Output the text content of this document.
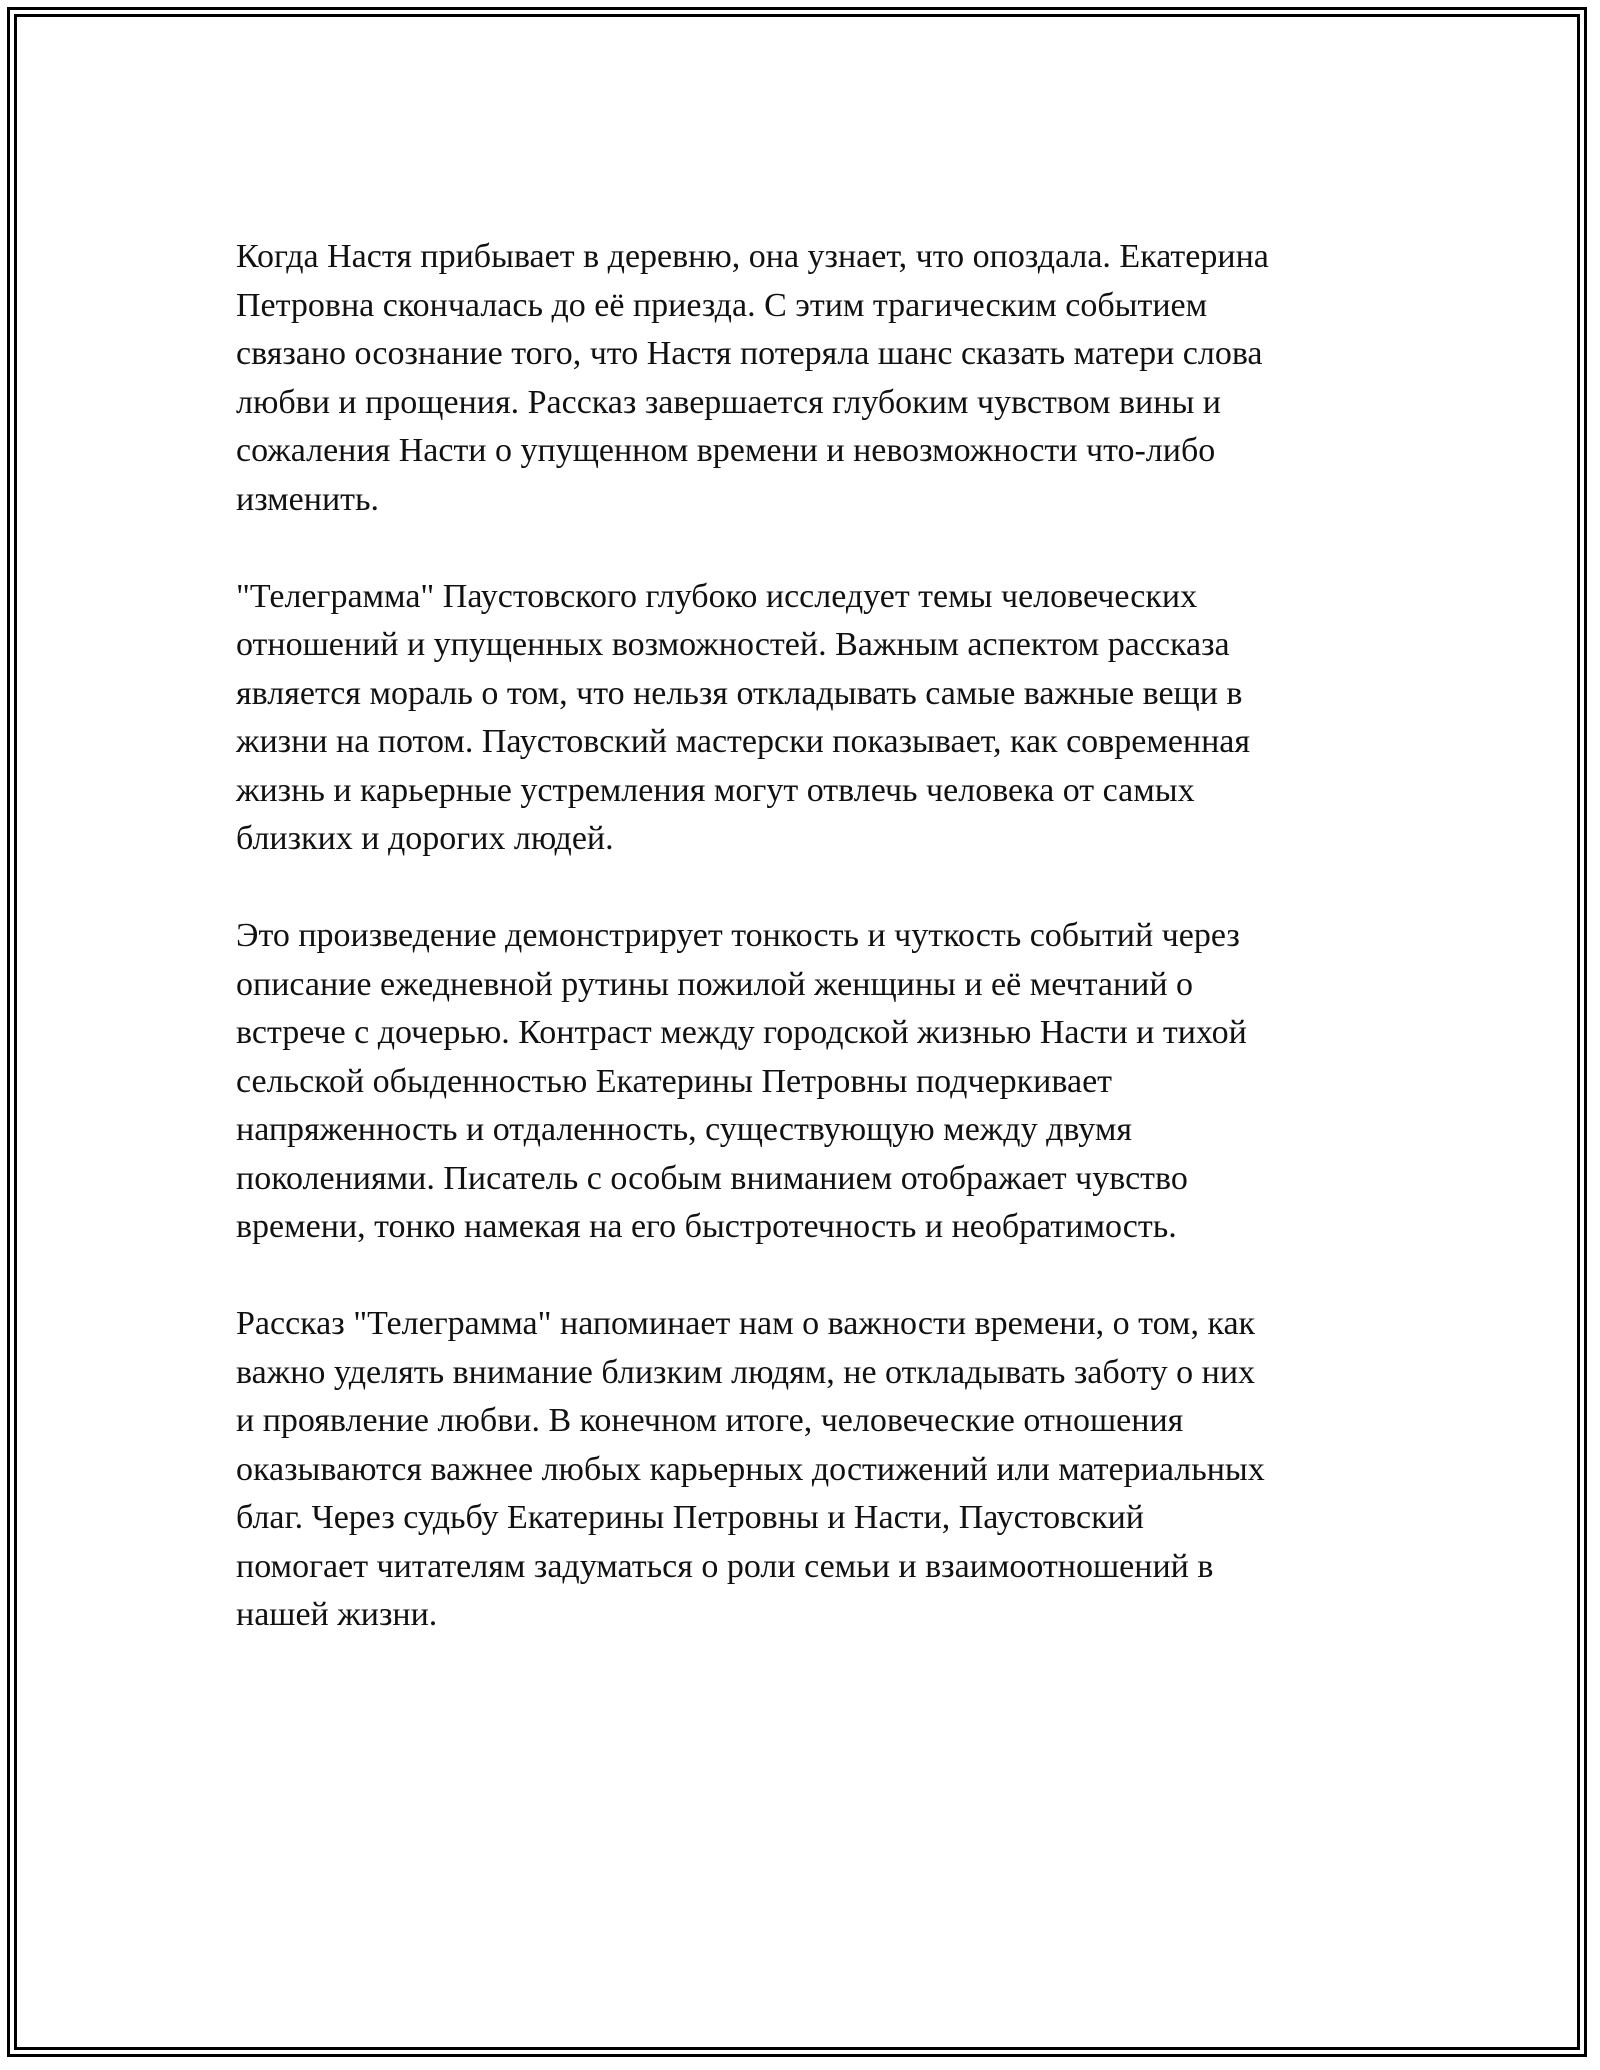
Когда Настя прибывает в деревню, она узнает, что опоздала. Екатерина
Петровна скончалась до её приезда. С этим трагическим событием
связано осознание того, что Настя потеряла шанс сказать матери слова
любви и прощения. Рассказ завершается глубоким чувством вины и
сожаления Насти о упущенном времени и невозможности что-либо
изменить.

"Телеграмма" Паустовского глубоко исследует темы человеческих
отношений и упущенных возможностей. Важным аспектом рассказа
является мораль о том, что нельзя откладывать самые важные вещи в
жизни на потом. Паустовский мастерски показывает, как современная
жизнь и карьерные устремления могут отвлечь человека от самых
близких и дорогих людей.

Это произведение демонстрирует тонкость и чуткость событий через
описание ежедневной рутины пожилой женщины и её мечтаний о
встрече с дочерью. Контраст между городской жизнью Насти и тихой
сельской обыденностью Екатерины Петровны подчеркивает
напряженность и отдаленность, существующую между двумя
поколениями. Писатель с особым вниманием отображает чувство
времени, тонко намекая на его быстротечность и необратимость.

Рассказ "Телеграмма" напоминает нам о важности времени, о том, как
важно уделять внимание близким людям, не откладывать заботу о них
и проявление любви. В конечном итоге, человеческие отношения
оказываются важнее любых карьерных достижений или материальных
благ. Через судьбу Екатерины Петровны и Насти, Паустовский
помогает читателям задуматься о роли семьи и взаимоотношений в
нашей жизни.
